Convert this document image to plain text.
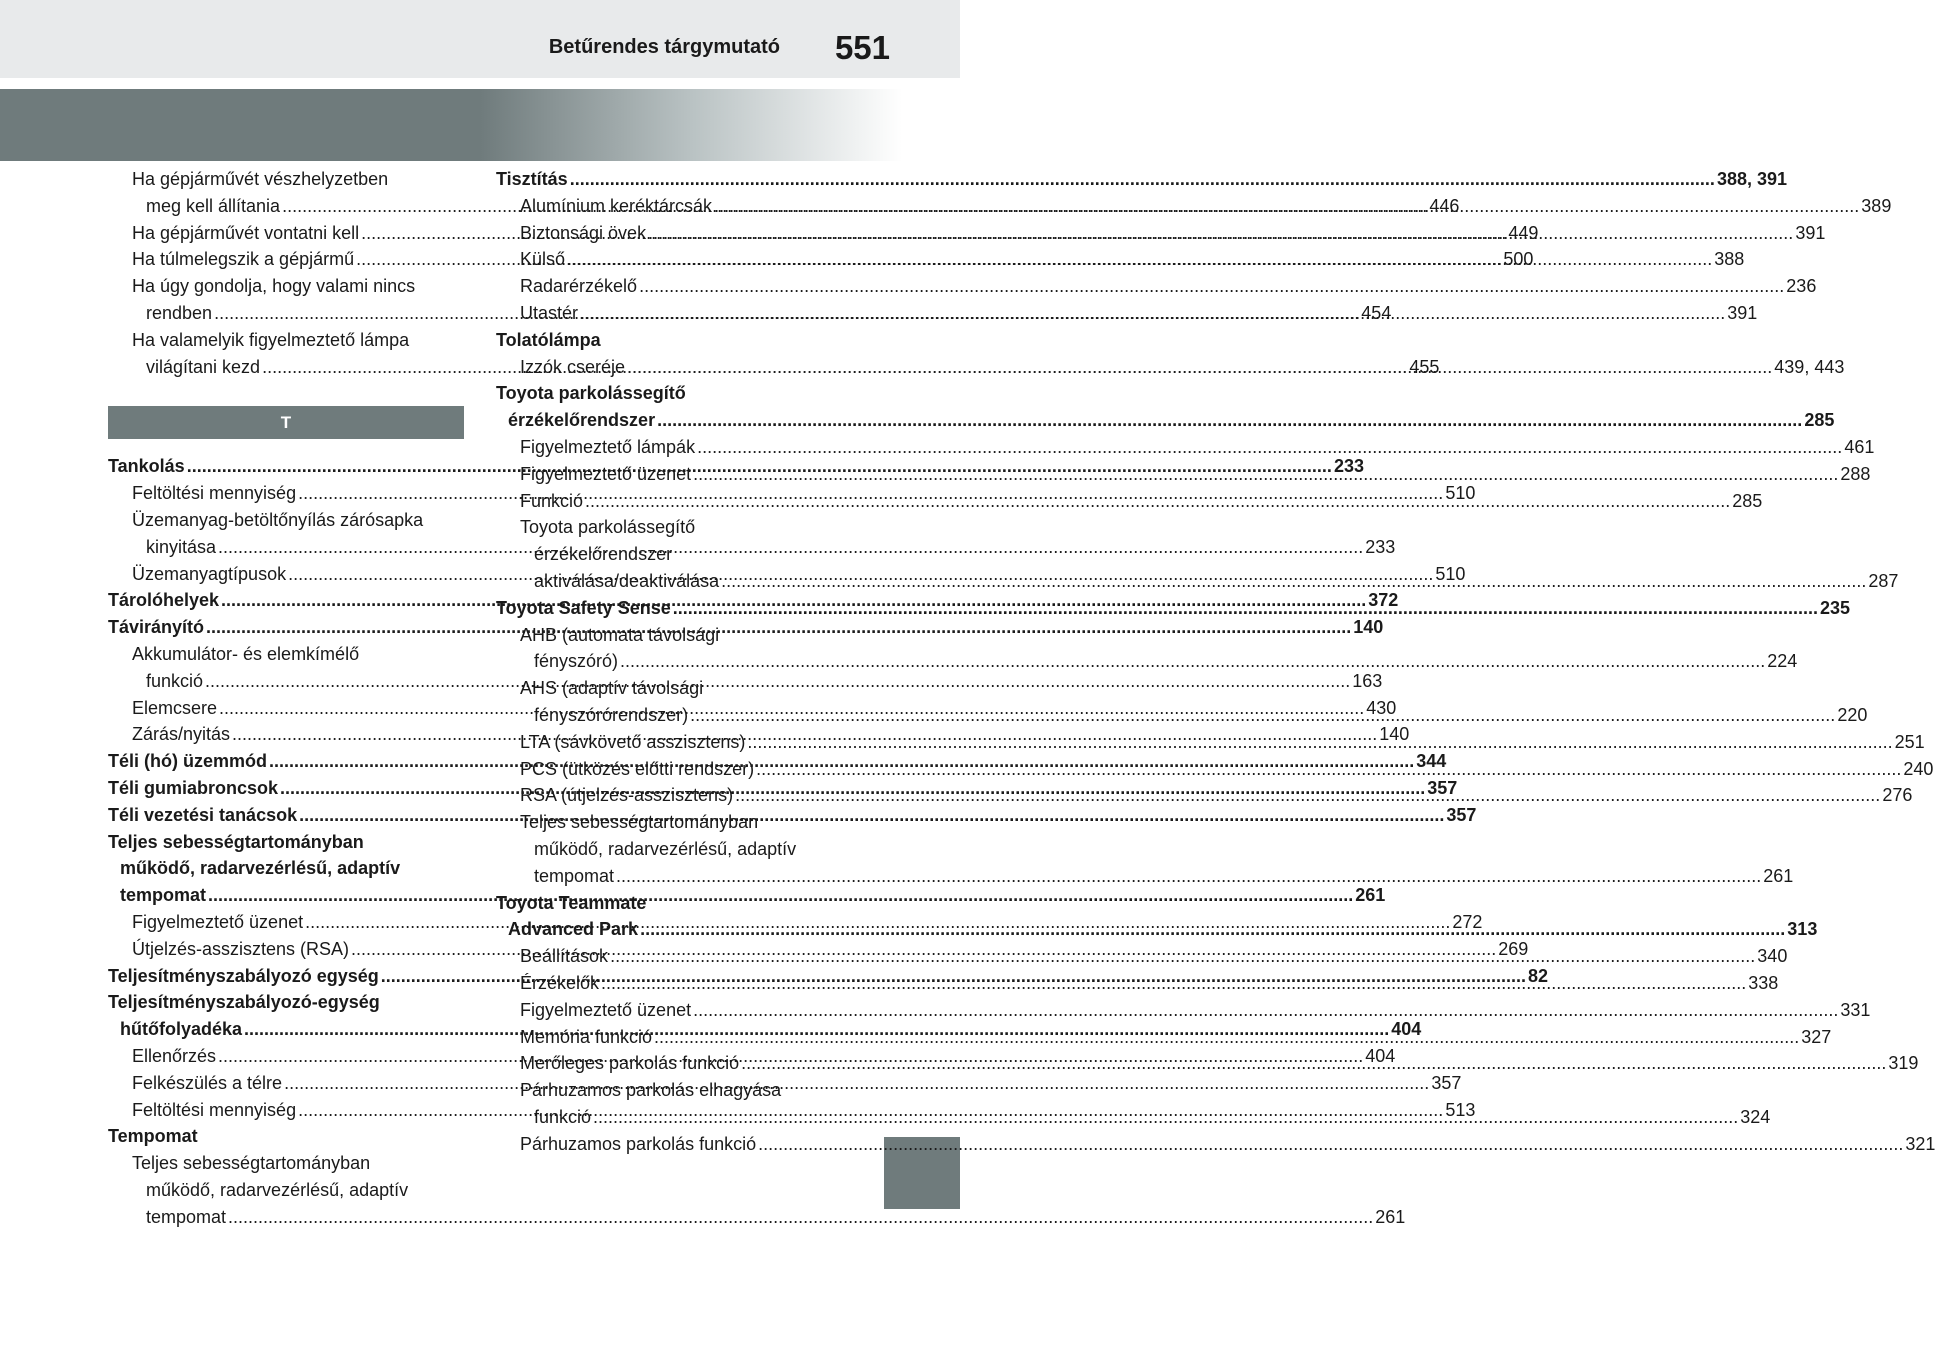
Betűrendes tárgymutató 551
Ha gépjárművét vészhelyzetben
meg kell állítania .....	446
Ha gépjárművét vontatni kell .....	449
Ha túlmelegszik a gépjármű .....	500
Ha úgy gondolja, hogy valami nincs
rendben .....	454
Ha valamelyik figyelmeztető lámpa
világítani kezd .....	455
T
Tankolás .....	233
Feltöltési mennyiség .....	510
Üzemanyag-betöltőnyílás zárósapka
kinyitása .....	233
Üzemanyagtípusok .....	510
Tárolóhelyek .....	372
Távirányító .....	140
Akkumulátor- és elemkímélő
funkció .....	163
Elemcsere .....	430
Zárás/nyitás .....	140
Téli (hó) üzemmód .....	344
Téli gumiabroncsok .....	357
Téli vezetési tanácsok .....	357
Teljes sebességtartományban
működő, radarvezérlésű, adaptív
tempomat .....	261
Figyelmeztető üzenet .....	272
Útjelzés-asszisztens (RSA) .....	269
Teljesítményszabályozó egység .....	82
Teljesítményszabályozó-egység
hűtőfolyadéka .....	404
Ellenőrzés .....	404
Felkészülés a télre .....	357
Feltöltési mennyiség .....	513
Tempomat
Teljes sebességtartományban
működő, radarvezérlésű, adaptív
tempomat .....	261
Tisztítás .....	388, 391
Alumínium keréktárcsák .....	389
Biztonsági övek .....	391
Külső .....	388
Radarérzékelő .....	236
Utastér .....	391
Tolatólámpa
Izzók cseréje .....	439, 443
Toyota parkolássegítő
érzékelőrendszer .....	285
Figyelmeztető lámpák .....	461
Figyelmeztető üzenet .....	288
Funkció .....	285
Toyota parkolássegítő
érzékelőrendszer
aktiválása/deaktiválása .....	287
Toyota Safety Sense .....	235
AHB (automata távolsági
fényszóró) .....	224
AHS (adaptív távolsági
fényszórórendszer) .....	220
LTA (sávkövető asszisztens) .....	251
PCS (ütközés előtti rendszer) .....	240
RSA (útjelzés-asszisztens) .....	276
Teljes sebességtartományban
működő, radarvezérlésű, adaptív
tempomat .....	261
Toyota Teammate
Advanced Park .....	313
Beállítások .....	340
Érzékelők .....	338
Figyelmeztető üzenet .....	331
Memória funkció .....	327
Merőleges parkolás funkció .....	319
Párhuzamos parkolás elhagyása
funkció .....	324
Párhuzamos parkolás funkció .....	321
